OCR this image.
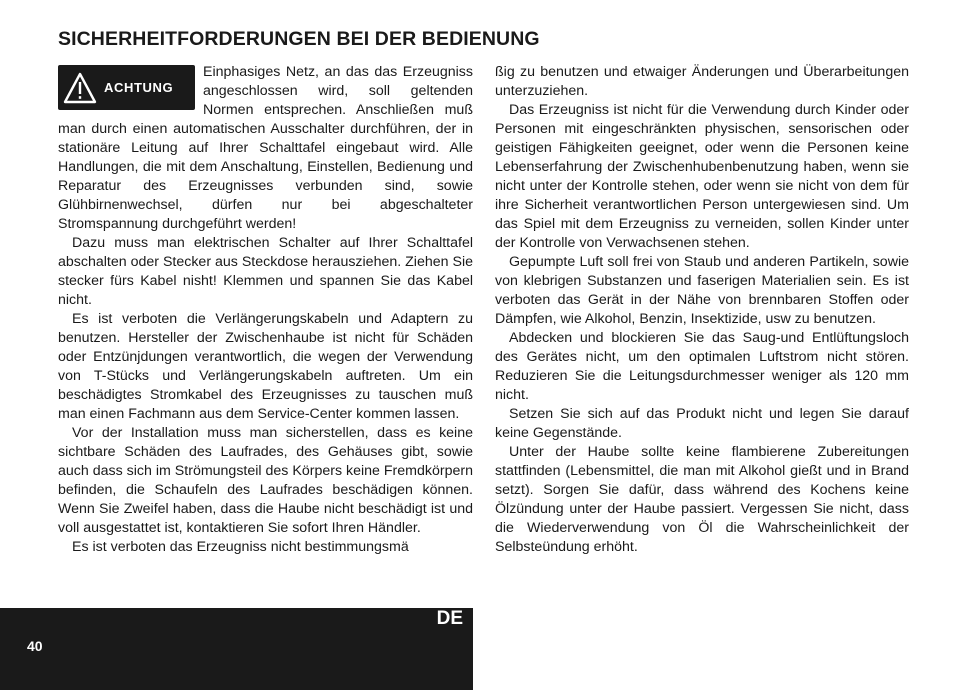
SICHERHEITFORDERUNGEN BEI DER BEDIENUNG
ACHTUNG

Einphasiges Netz, an das das Erzeugniss angeschlossen wird, soll geltenden Normen entsprechen. Anschließen muß man durch einen automatischen Ausschalter durchführen, der in stationäre Leitung auf Ihrer Schalttafel eingebaut wird. Alle Handlungen, die mit dem Anschaltung, Einstellen, Bedienung und Reparatur des Erzeugnisses verbunden sind, sowie Glühbirnenwechsel, dürfen nur bei abgeschalteter Stromspannung durchgeführt werden!

Dazu muss man elektrischen Schalter auf Ihrer Schalttafel abschalten oder Stecker aus Steckdose herausziehen. Ziehen Sie stecker fürs Kabel nisht! Klemmen und spannen Sie das Kabel nicht.

Es ist verboten die Verlängerungskabeln und Adaptern zu benutzen. Hersteller der Zwischenhaube ist nicht für Schäden oder Entzünjdungen verantwortlich, die wegen der Verwendung von T-Stücks und Verlängerungskabeln auftreten. Um ein beschädigtes Stromkabel des Erzeugnisses zu tauschen muß man einen Fachmann aus dem Service-Center kommen lassen.

Vor der Installation muss man sicherstellen, dass es keine sichtbare Schäden des Laufrades, des Gehäuses gibt, sowie auch dass sich im Strömungsteil des Körpers keine Fremdkörpern befinden, die Schaufeln des Laufrades beschädigen können. Wenn Sie Zweifel haben, dass die Haube nicht beschädigt ist und voll ausgestattet ist, kontaktieren Sie sofort Ihren Händler.

Es ist verboten das Erzeugniss nicht bestimmungsmä

ßig zu benutzen und etwaiger Änderungen und Überarbeitungen unterzuziehen.

Das Erzeugniss ist nicht für die Verwendung durch Kinder oder Personen mit eingeschränkten physischen, sensorischen oder geistigen Fähigkeiten geeignet, oder wenn die Personen keine Lebenserfahrung der Zwischenhubenbenutzung haben, wenn sie nicht unter der Kontrolle stehen, oder wenn sie nicht von dem für ihre Sicherheit verantwortlichen Person untergewiesen sind. Um das Spiel mit dem Erzeugniss zu verneiden, sollen Kinder unter der Kontrolle von Verwachsenen stehen.

Gepumpte Luft soll frei von Staub und anderen Partikeln, sowie von klebrigen Substanzen und faserigen Materialien sein. Es ist verboten das Gerät in der Nähe von brennbaren Stoffen oder Dämpfen, wie Alkohol, Benzin, Insektizide, usw zu benutzen.

Abdecken und blockieren Sie das Saug-und Entlüftungsloch des Gerätes nicht, um den optimalen Luftstrom nicht stören. Reduzieren Sie die Leitungsdurchmesser weniger als 120 mm nicht.

Setzen Sie sich auf das Produkt nicht und legen Sie darauf keine Gegenstände.

Unter der Haube sollte keine flambierene Zubereitungen stattfinden (Lebensmittel, die man mit Alkohol gießt und in Brand setzt). Sorgen Sie dafür, dass während des Kochens keine Ölzündung unter der Haube passiert. Vergessen Sie nicht, dass die Wiederverwendung von Öl die Wahrscheinlichkeit der Selbsteündung erhöht.

DE
40
